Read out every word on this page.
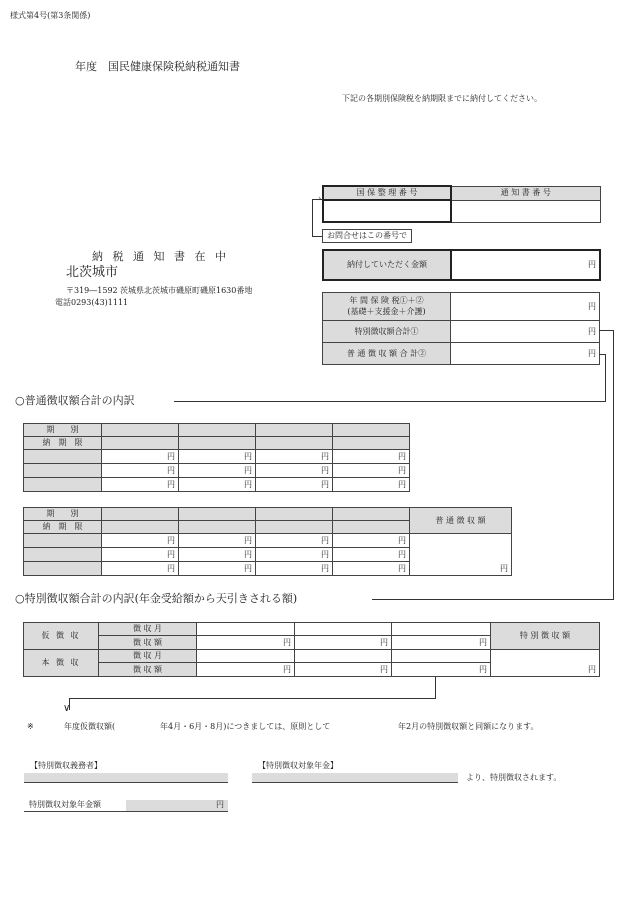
様式第4号(第3条関係)
年度　国民健康保険税納税通知書
下記の各期別保険税を納期限までに納付してください。
納 税 通 知 書 在 中
北茨城市
〒319―1592 茨城県北茨城市磯原町磯原1630番地
電話0293(43)1111
国 保 整 理 番 号	通 知 書 番 号

›
お問合せはこの番号で
納付していただく金額	円
年 間 保 険 税①＋②
(基礎＋支援金＋介護)	円
特別徴収額合計①	円
普 通 徴 収 額 合 計②	円
○普通徴収額合計の内訳
期　　別				
納　期　限				
	円	円	円	円
	円	円	円	円
	円	円	円	円
期　　別					普 通 徴 収 額
納　期　限					
	円	円	円	円	円
	円	円	円	円	
	円	円	円	円	
○特別徴収額合計の内訳(年金受給額から天引きされる額)
仮 徴 収	徴 収 月				特 別 徴 収 額
	徴 収 額	円	円	円	
本 徴 収	徴 収 月				円
	徴 収 額	円	円	円	
∨
※	年度仮徴収額(	年4月・6月・8月)につきましては、原則として	年2月の特別徴収額と同額になります。
【特別徴収義務者】	【特別徴収対象年金】
より、特別徴収されます。
特別徴収対象年金額	円
